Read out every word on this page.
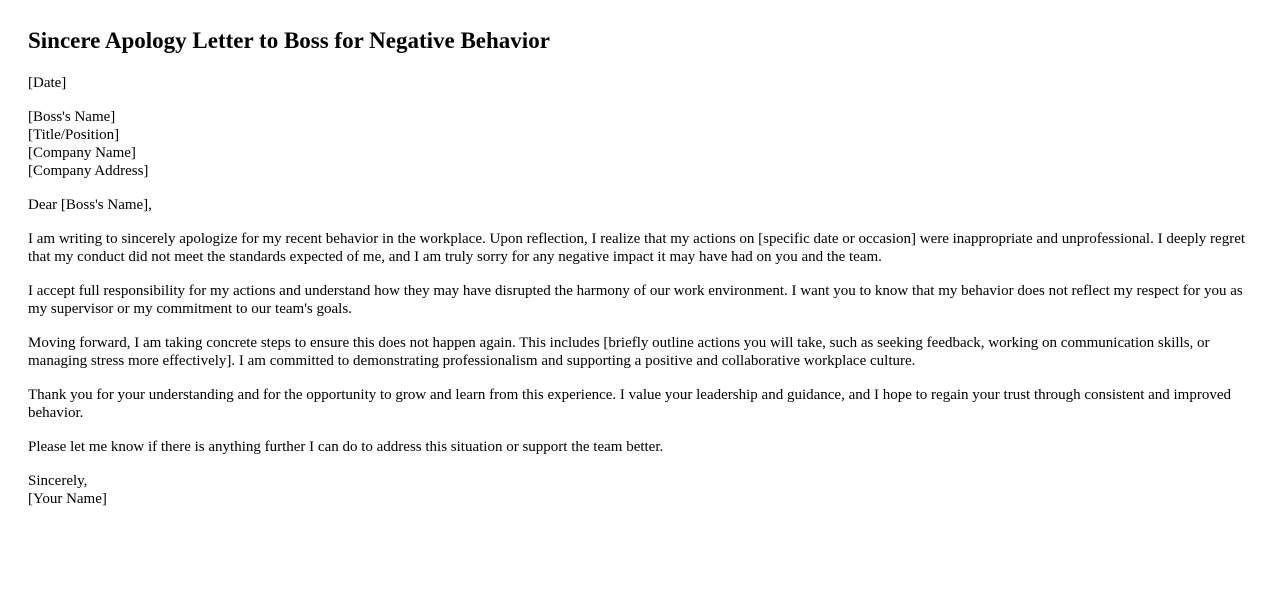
Sincere Apology Letter to Boss for Negative Behavior

[Date]

[Boss's Name]
[Title/Position]
[Company Name]
[Company Address]

Dear [Boss's Name],

I am writing to sincerely apologize for my recent behavior in the workplace. Upon reflection, I realize that my actions on [specific date or occasion] were inappropriate and unprofessional. I deeply regret that my conduct did not meet the standards expected of me, and I am truly sorry for any negative impact it may have had on you and the team.

I accept full responsibility for my actions and understand how they may have disrupted the harmony of our work environment. I want you to know that my behavior does not reflect my respect for you as my supervisor or my commitment to our team's goals.

Moving forward, I am taking concrete steps to ensure this does not happen again. This includes [briefly outline actions you will take, such as seeking feedback, working on communication skills, or managing stress more effectively]. I am committed to demonstrating professionalism and supporting a positive and collaborative workplace culture.

Thank you for your understanding and for the opportunity to grow and learn from this experience. I value your leadership and guidance, and I hope to regain your trust through consistent and improved behavior.

Please let me know if there is anything further I can do to address this situation or support the team better.

Sincerely,
[Your Name]
